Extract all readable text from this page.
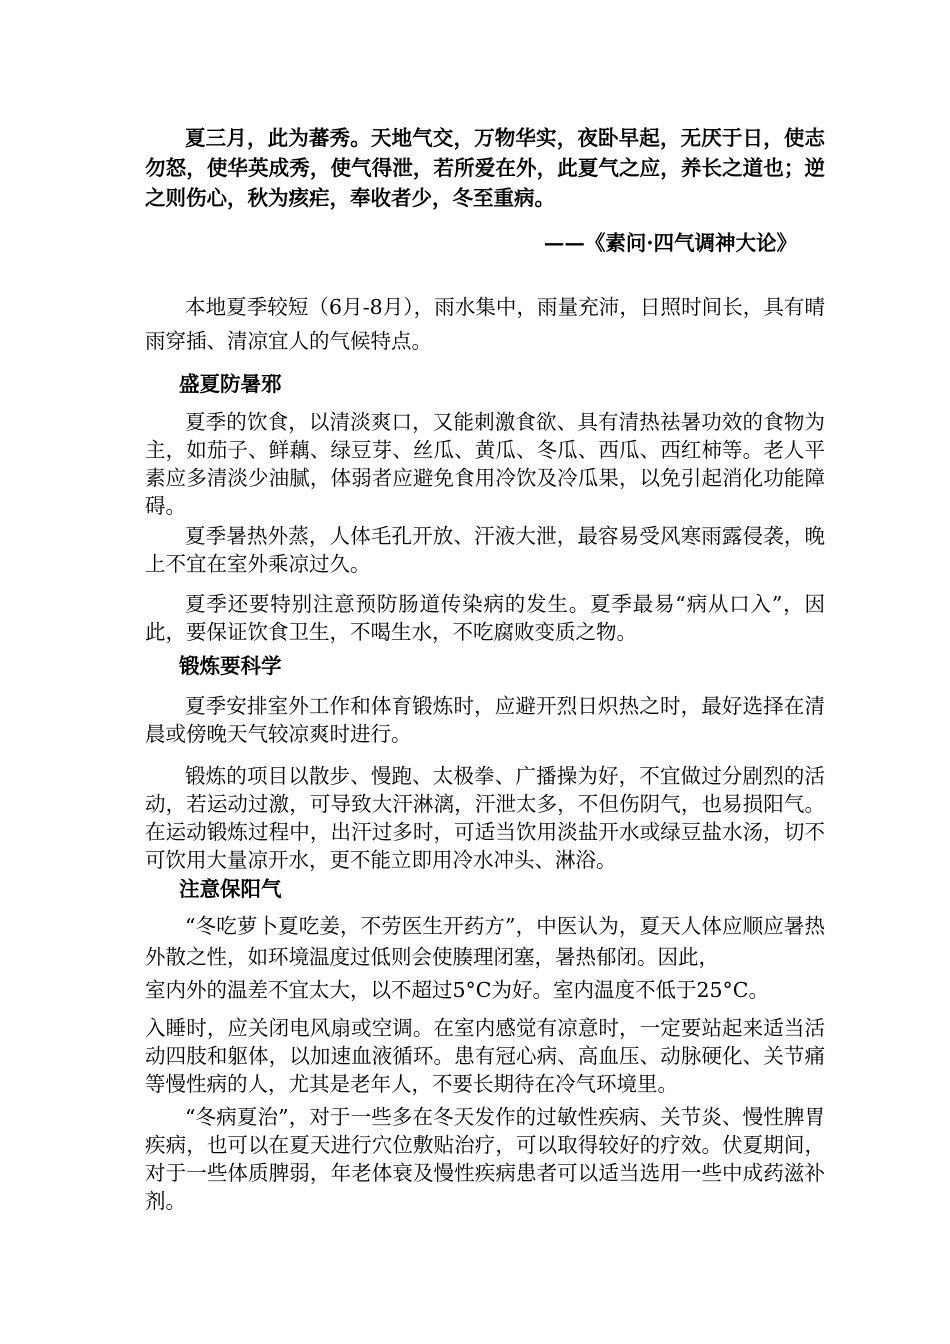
夏三月，此为蕃秀。天地气交，万物华实，夜卧早起，无厌于日，使志勿怒，使华英成秀，使气得泄，若所爱在外，此夏气之应，养长之道也；逆之则伤心，秋为痎疟，奉收者少，冬至重病。

——《素问·四气调神大论》

本地夏季较短（6月-8月），雨水集中，雨量充沛，日照时间长，具有晴雨穿插、清凉宜人的气候特点。

盛夏防暑邪

夏季的饮食，以清淡爽口，又能刺激食欲、具有清热祛暑功效的食物为主，如茄子、鲜藕、绿豆芽、丝瓜、黄瓜、冬瓜、西瓜、西红柿等。老人平素应多清淡少油腻，体弱者应避免食用冷饮及冷瓜果，以免引起消化功能障碍。

夏季暑热外蒸，人体毛孔开放、汗液大泄，最容易受风寒雨露侵袭，晚上不宜在室外乘凉过久。

夏季还要特别注意预防肠道传染病的发生。夏季最易“病从口入”，因此，要保证饮食卫生，不喝生水，不吃腐败变质之物。

锻炼要科学

夏季安排室外工作和体育锻炼时，应避开烈日炽热之时，最好选择在清晨或傍晚天气较凉爽时进行。

锻炼的项目以散步、慢跑、太极拳、广播操为好，不宜做过分剧烈的活动，若运动过激，可导致大汗淋漓，汗泄太多，不但伤阴气，也易损阳气。在运动锻炼过程中，出汗过多时，可适当饮用淡盐开水或绿豆盐水汤，切不可饮用大量凉开水，更不能立即用冷水冲头、淋浴。

注意保阳气

“冬吃萝卜夏吃姜，不劳医生开药方”，中医认为，夏天人体应顺应暑热外散之性，如环境温度过低则会使腠理闭塞，暑热郁闭。因此，

室内外的温差不宜太大，以不超过5°C为好。室内温度不低于25°C。

入睡时，应关闭电风扇或空调。在室内感觉有凉意时，一定要站起来适当活动四肢和躯体，以加速血液循环。患有冠心病、高血压、动脉硬化、关节痛等慢性病的人，尤其是老年人，不要长期待在冷气环境里。

“冬病夏治”，对于一些多在冬天发作的过敏性疾病、关节炎、慢性脾胃疾病，也可以在夏天进行穴位敷贴治疗，可以取得较好的疗效。伏夏期间，对于一些体质脾弱，年老体衰及慢性疾病患者可以适当选用一些中成药滋补剂。
